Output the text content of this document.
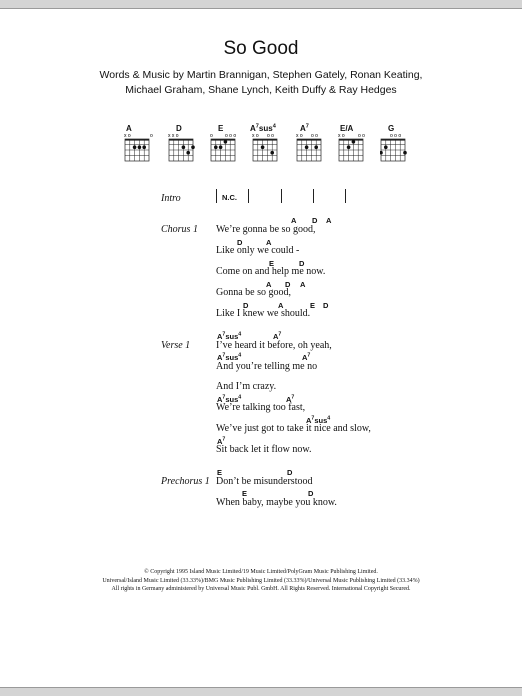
So Good
Words & Music by Martin Brannigan, Stephen Gately, Ronan Keating,
Michael Graham, Shane Lynch, Keith Duffy & Ray Hedges
A
x o	o
D
x x o
E
o o o o
$A^7sus^4$
x o o o
$A^7$
x o o o
E/A
x o	o o
G
o o o
Intro	N.C.
Chorus 1
A D A
We’re gonna be so good,
D	A
Like only we could -
E	D
Come on and help me now.
A D A
Gonna be so good,
D	A	E D
Like I knew we should.
Verse 1
$A^7sus^4$	$A^7$
I’ve heard it before, oh yeah,
$A^7sus^4$	$A^7$
And you’re telling me no
And I’m crazy.
$A^7sus^4$	$A^7$
We’re talking too fast,
$A^7sus^4$
We’ve just got to take it nice and slow,
$A^7$
Sit back let it flow now.
Prechorus 1
E	D
Don’t be misunderstood
E	D
When baby, maybe you know.
© Copyright 1995 Island Music Limited/19 Music Limited/PolyGram Music Publishing Limited.
Universal/Island Music Limited (33.33%)/BMG Music Publishing Limited (33.33%)/Universal Music Publishing Limited (33.34%)
All rights in Germany administered by Universal Music Publ. GmbH. All Rights Reserved. International Copyright Secured.
